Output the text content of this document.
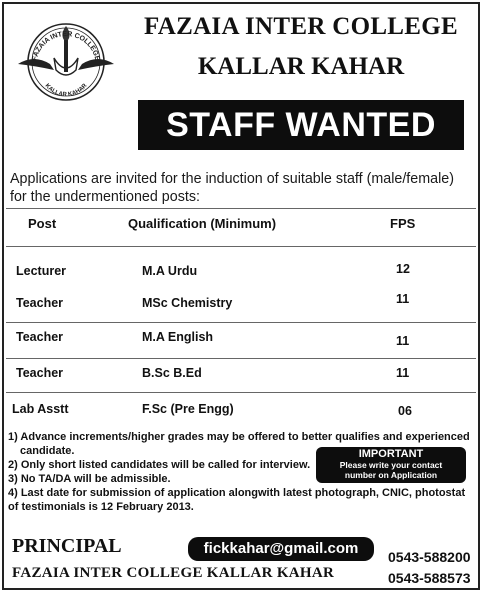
FAZAIA INTER COLLEGE
KALLAR KAHAR
FAZAIA INTER COLLEGE
KALLAR KAHAR
STAFF WANTED
Applications are invited for the induction of suitable staff (male/female) for the undermentioned posts:
Post	Qualification (Minimum)	FPS
Lecturer	M.A Urdu	12
Teacher	MSc Chemistry	11
Teacher	M.A English	11
Teacher	B.Sc B.Ed	11
Lab Asstt	F.Sc (Pre Engg)	06
1) Advance increments/higher grades may be offered to better qualifies and experienced
candidate.
2) Only short listed candidates will be called for interview.
3) No TA/DA will be admissible.
4) Last date for submission of application alongwith latest photograph, CNIC, photostat
of testimonials is 12 February 2013.
IMPORTANT
Please write your contact
number on Application
PRINCIPAL
FAZAIA INTER COLLEGE KALLAR KAHAR
fickkahar@gmail.com	0543-588200
0543-588573
